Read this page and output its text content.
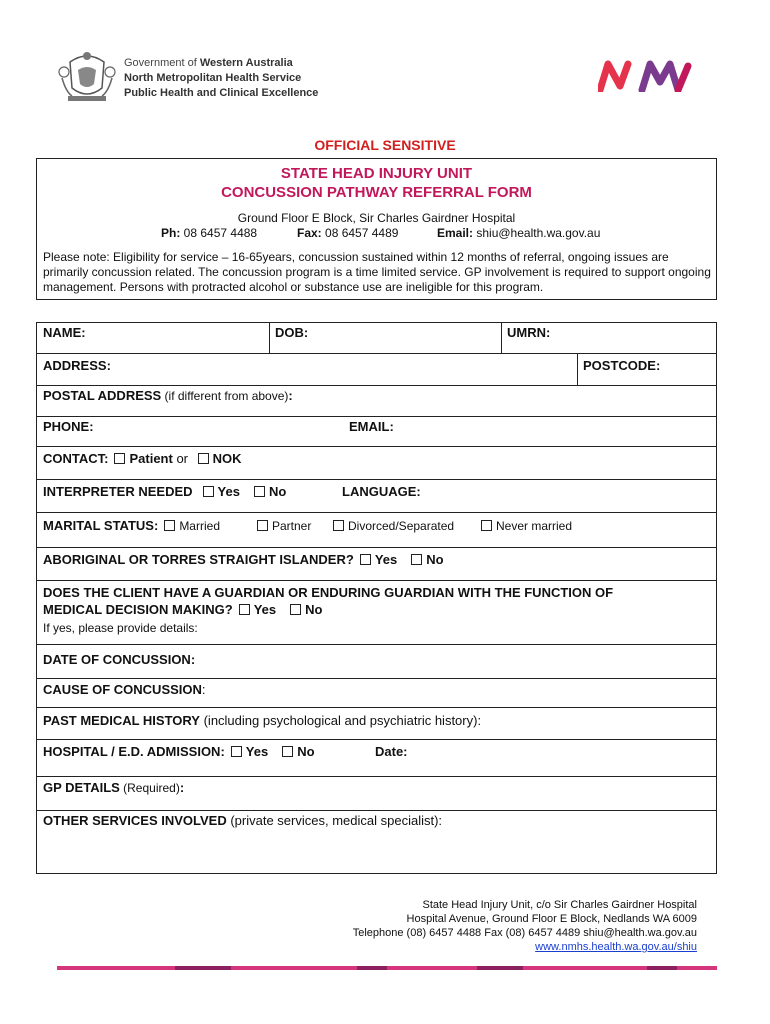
Government of Western Australia
North Metropolitan Health Service
Public Health and Clinical Excellence
OFFICIAL SENSITIVE
STATE HEAD INJURY UNIT
CONCUSSION PATHWAY REFERRAL FORM
Ground Floor E Block, Sir Charles Gairdner Hospital
Ph: 08 6457 4488	Fax: 08 6457 4489	Email: shiu@health.wa.gov.au
Please note: Eligibility for service – 16-65years, concussion sustained within 12 months of referral, ongoing issues are primarily concussion related. The concussion program is a time limited service. GP involvement is required to support ongoing management. Persons with protracted alcohol or substance use are ineligible for this program.
NAME:	DOB:	UMRN:
ADDRESS:	POSTCODE:
POSTAL ADDRESS (if different from above):
PHONE:	EMAIL:
CONTACT: Patient or NOK
INTERPRETER NEEDED Yes No	LANGUAGE:
MARITAL STATUS: Married	Partner	Divorced/Separated	Never married
ABORIGINAL OR TORRES STRAIGHT ISLANDER? Yes No
DOES THE CLIENT HAVE A GUARDIAN OR ENDURING GUARDIAN WITH THE FUNCTION OF
MEDICAL DECISION MAKING? Yes No
If yes, please provide details:
DATE OF CONCUSSION:
CAUSE OF CONCUSSION:
PAST MEDICAL HISTORY (including psychological and psychiatric history):
HOSPITAL / E.D. ADMISSION: Yes No	Date:
GP DETAILS (Required):
OTHER SERVICES INVOLVED (private services, medical specialist):
State Head Injury Unit, c/o Sir Charles Gairdner Hospital
Hospital Avenue, Ground Floor E Block, Nedlands WA 6009
Telephone (08) 6457 4488 Fax (08) 6457 4489 shiu@health.wa.gov.au
www.nmhs.health.wa.gov.au/shiu
